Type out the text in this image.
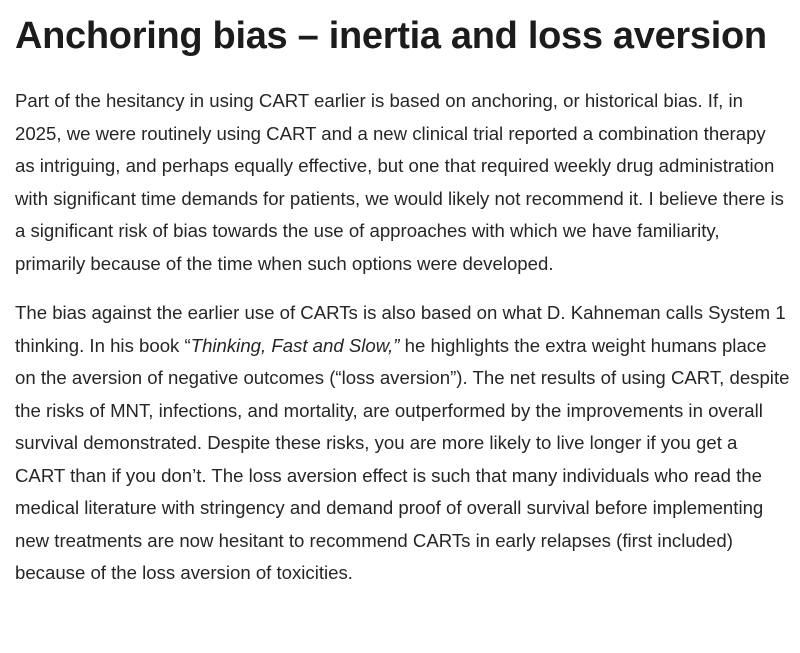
Anchoring bias – inertia and loss aversion

Part of the hesitancy in using CART earlier is based on anchoring, or historical bias. If, in 2025, we were routinely using CART and a new clinical trial reported a combination therapy as intriguing, and perhaps equally effective, but one that required weekly drug administration with significant time demands for patients, we would likely not recommend it. I believe there is a significant risk of bias towards the use of approaches with which we have familiarity, primarily because of the time when such options were developed.

The bias against the earlier use of CARTs is also based on what D. Kahneman calls System 1 thinking. In his book “Thinking, Fast and Slow,” he highlights the extra weight humans place on the aversion of negative outcomes (“loss aversion”). The net results of using CART, despite the risks of MNT, infections, and mortality, are outperformed by the improvements in overall survival demonstrated. Despite these risks, you are more likely to live longer if you get a CART than if you don’t. The loss aversion effect is such that many individuals who read the medical literature with stringency and demand proof of overall survival before implementing new treatments are now hesitant to recommend CARTs in early relapses (first included) because of the loss aversion of toxicities.
